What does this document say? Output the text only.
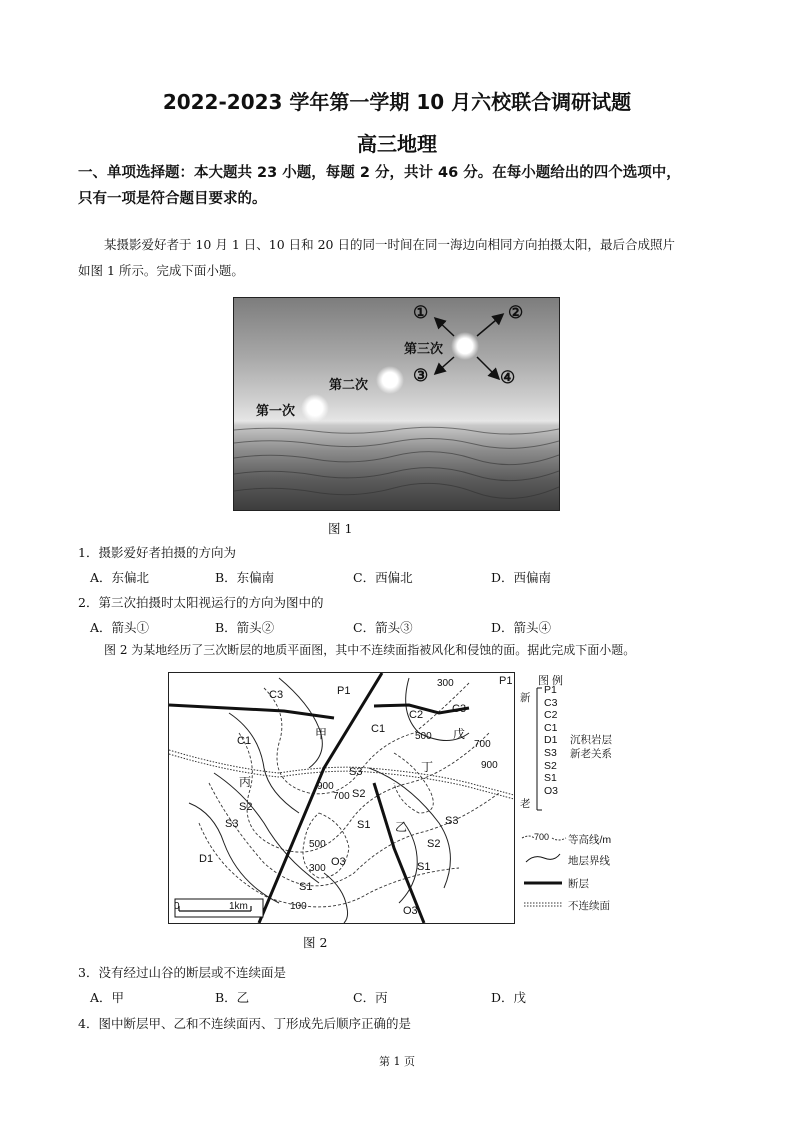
2022-2023 学年第一学期 10 月六校联合调研试题
高三地理
一、单项选择题：本大题共 23 小题，每题 2 分，共计 46 分。在每小题给出的四个选项中，
只有一项是符合题目要求的。
某摄影爱好者于 10 月 1 日、10 日和 20 日的同一时间在同一海边向相同方向拍摄太阳，最后合成照片
如图 1 所示。完成下面小题。
第一次
第二次
第三次
①	②
③	④
图 1
1．摄影爱好者拍摄的方向为
A．东偏北	B．东偏南	C．西偏北	D．西偏南
2．第三次拍摄时太阳视运行的方向为图中的
A．箭头①	B．箭头②	C．箭头③	D．箭头④
图 2 为某地经历了三次断层的地质平面图，其中不连续面指被风化和侵蚀的面。据此完成下面小题。
甲
乙
丙
丁
戊
C3	P1
P1
C2	C3
C1
C1
S3
S2
S3	S1	S3
S2
D1	O3
S1
S2
S1
O3
300
500
700
900
900
700
500
300
100
0	1km
图 例
新
老
P1
C3
C2
C1
D1
S3
S2
S1
O3
沉积岩层
新老关系
700 等高线/m
地层界线
断层
不连续面
图 2
3．没有经过山谷的断层或不连续面是
A．甲	B．乙	C．丙	D．戊
4．图中断层甲、乙和不连续面丙、丁形成先后顺序正确的是
第 1 页
